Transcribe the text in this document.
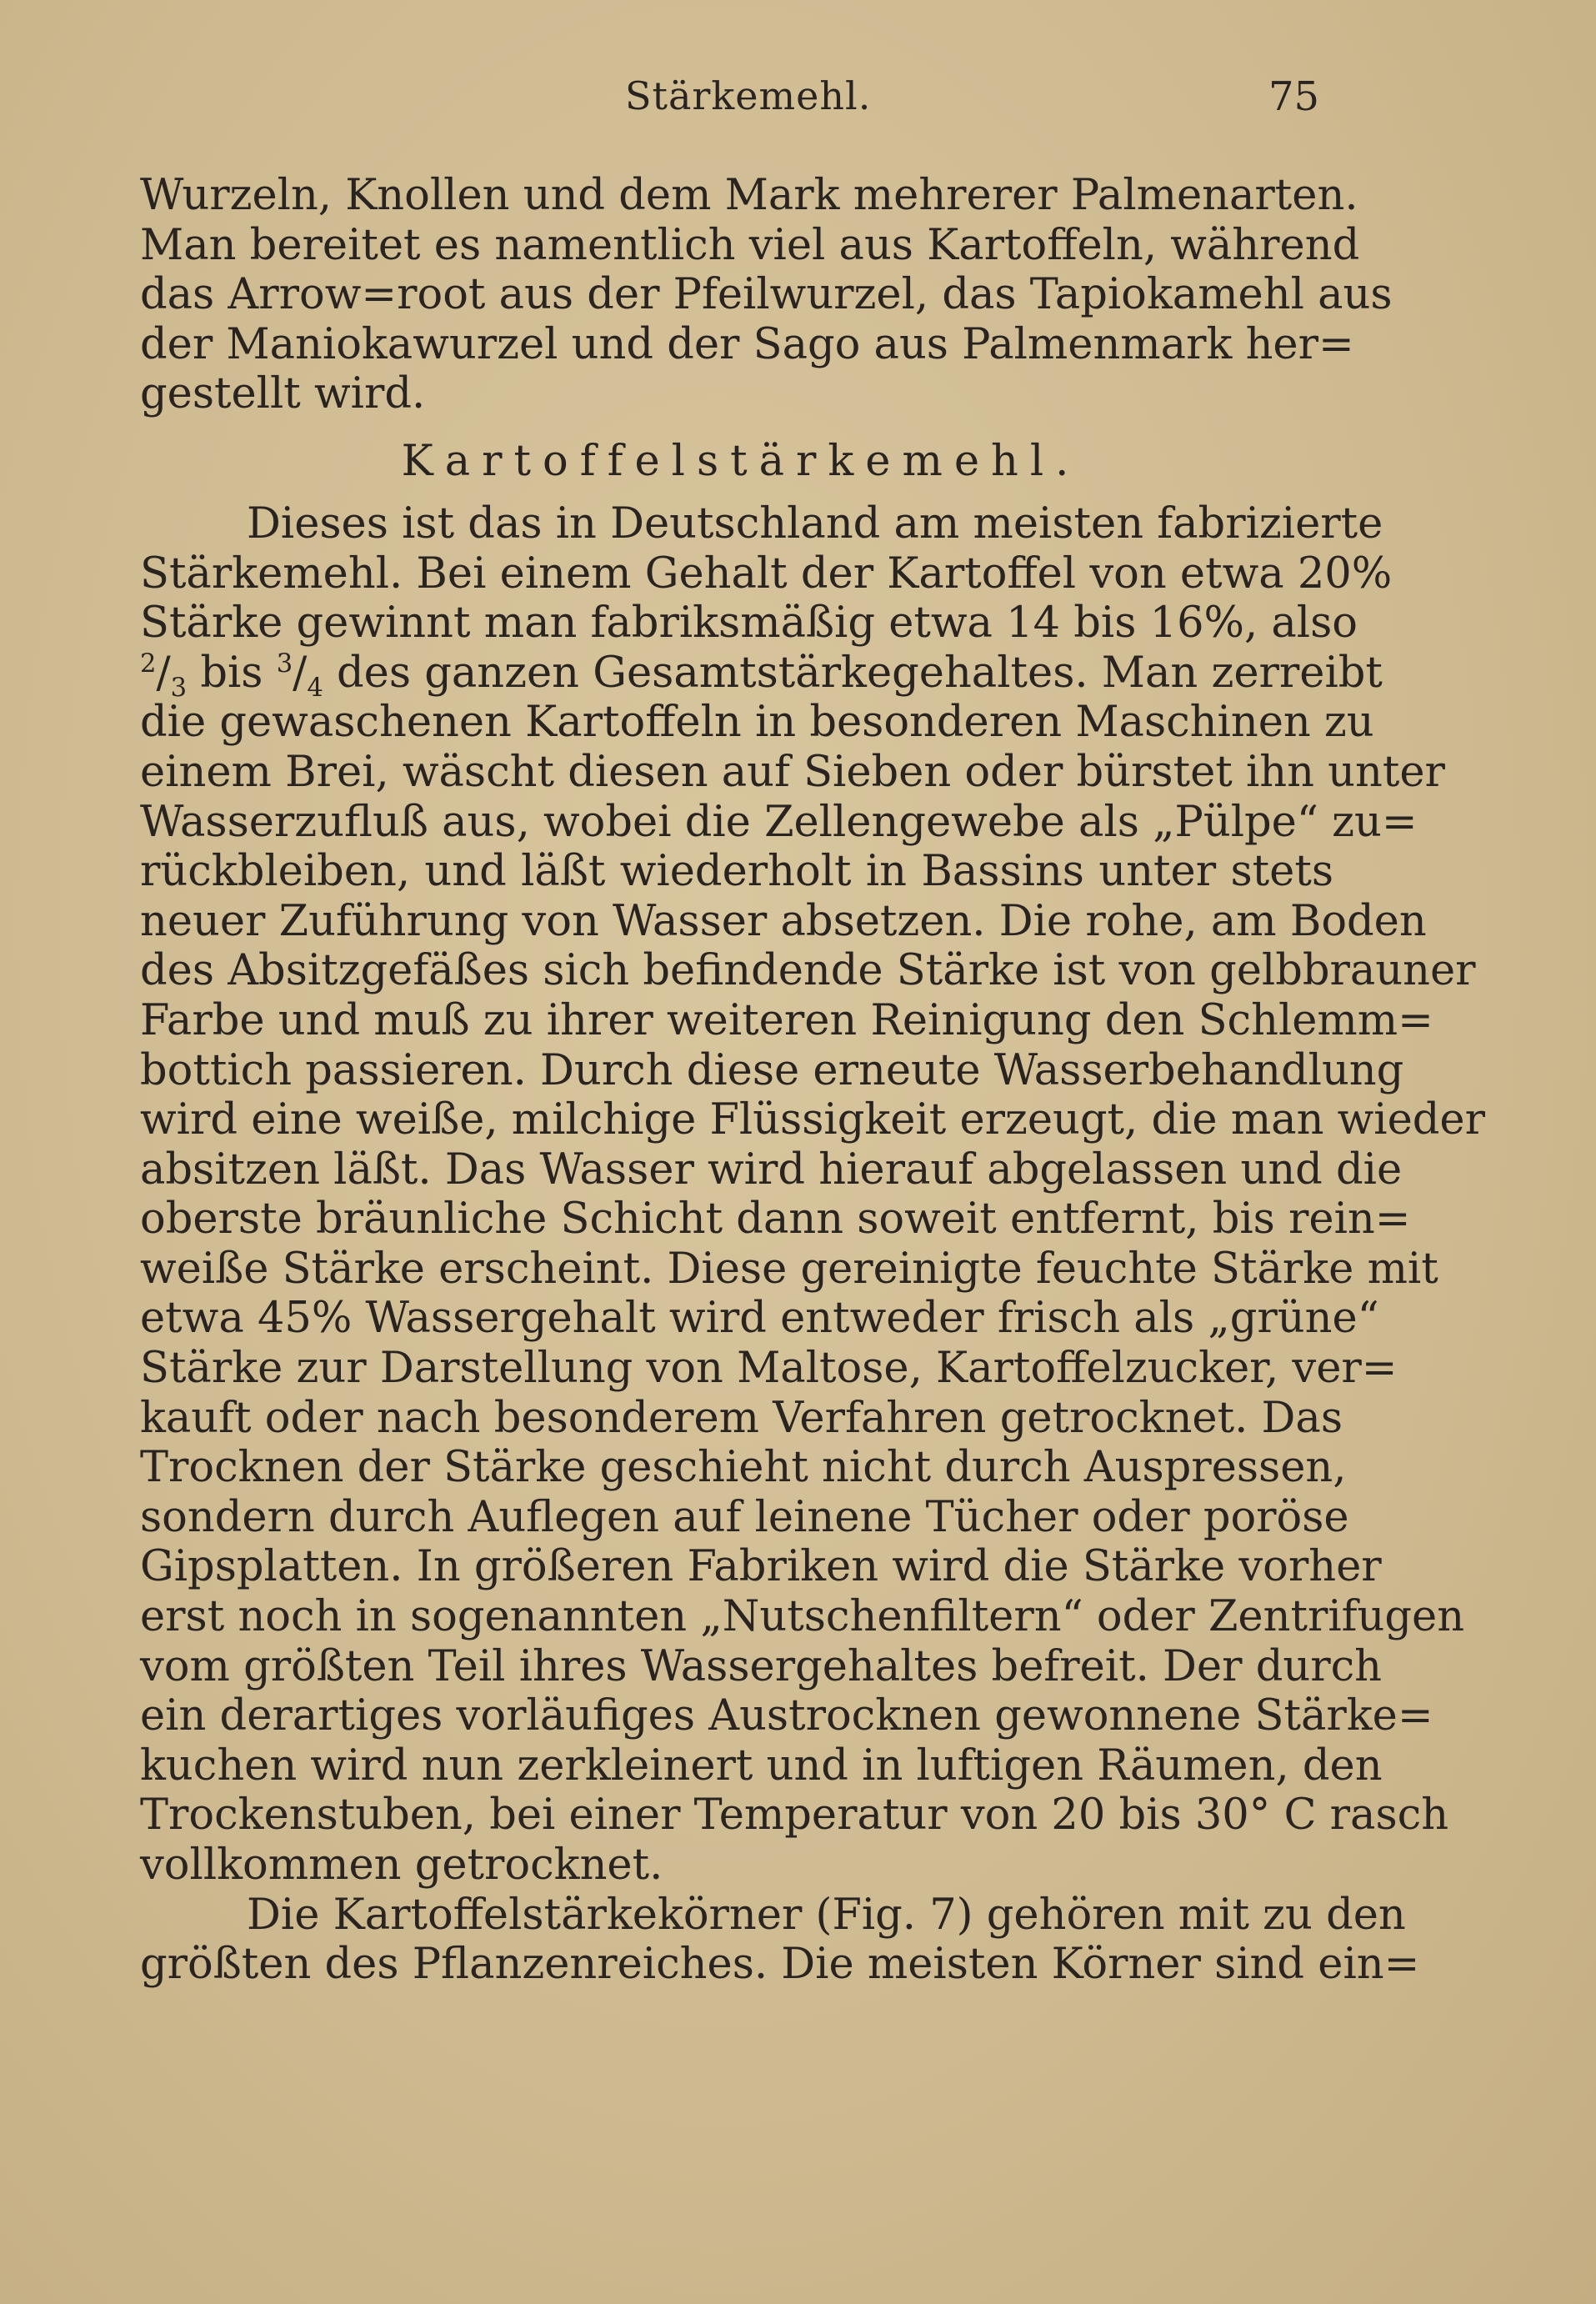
Stärkemehl.	75
Wurzeln, Knollen und dem Mark mehrerer Palmenarten.
Man bereitet es namentlich viel aus Kartoffeln, während
das Arrow=root aus der Pfeilwurzel, das Tapiokamehl aus
der Maniokawurzel und der Sago aus Palmenmark her=
gestellt wird.
Kartoffelstärkemehl.
Dieses ist das in Deutschland am meisten fabrizierte
Stärkemehl. Bei einem Gehalt der Kartoffel von etwa 20%
Stärke gewinnt man fabriksmäßig etwa 14 bis 16%, also
$^2/_3$ bis $^3/_4$ des ganzen Gesamtstärkegehaltes. Man zerreibt
die gewaschenen Kartoffeln in besonderen Maschinen zu
einem Brei, wäscht diesen auf Sieben oder bürstet ihn unter
Wasserzufluß aus, wobei die Zellengewebe als „Pülpe“ zu=
rückbleiben, und läßt wiederholt in Bassins unter stets
neuer Zuführung von Wasser absetzen. Die rohe, am Boden
des Absitzgefäßes sich befindende Stärke ist von gelbbrauner
Farbe und muß zu ihrer weiteren Reinigung den Schlemm=
bottich passieren. Durch diese erneute Wasserbehandlung
wird eine weiße, milchige Flüssigkeit erzeugt, die man wieder
absitzen läßt. Das Wasser wird hierauf abgelassen und die
oberste bräunliche Schicht dann soweit entfernt, bis rein=
weiße Stärke erscheint. Diese gereinigte feuchte Stärke mit
etwa 45% Wassergehalt wird entweder frisch als „grüne“
Stärke zur Darstellung von Maltose, Kartoffelzucker, ver=
kauft oder nach besonderem Verfahren getrocknet. Das
Trocknen der Stärke geschieht nicht durch Auspressen,
sondern durch Auflegen auf leinene Tücher oder poröse
Gipsplatten. In größeren Fabriken wird die Stärke vorher
erst noch in sogenannten „Nutschenfiltern“ oder Zentrifugen
vom größten Teil ihres Wassergehaltes befreit. Der durch
ein derartiges vorläufiges Austrocknen gewonnene Stärke=
kuchen wird nun zerkleinert und in luftigen Räumen, den
Trockenstuben, bei einer Temperatur von 20 bis 30° C rasch
vollkommen getrocknet.
Die Kartoffelstärkekörner (Fig. 7) gehören mit zu den
größten des Pflanzenreiches. Die meisten Körner sind ein=
